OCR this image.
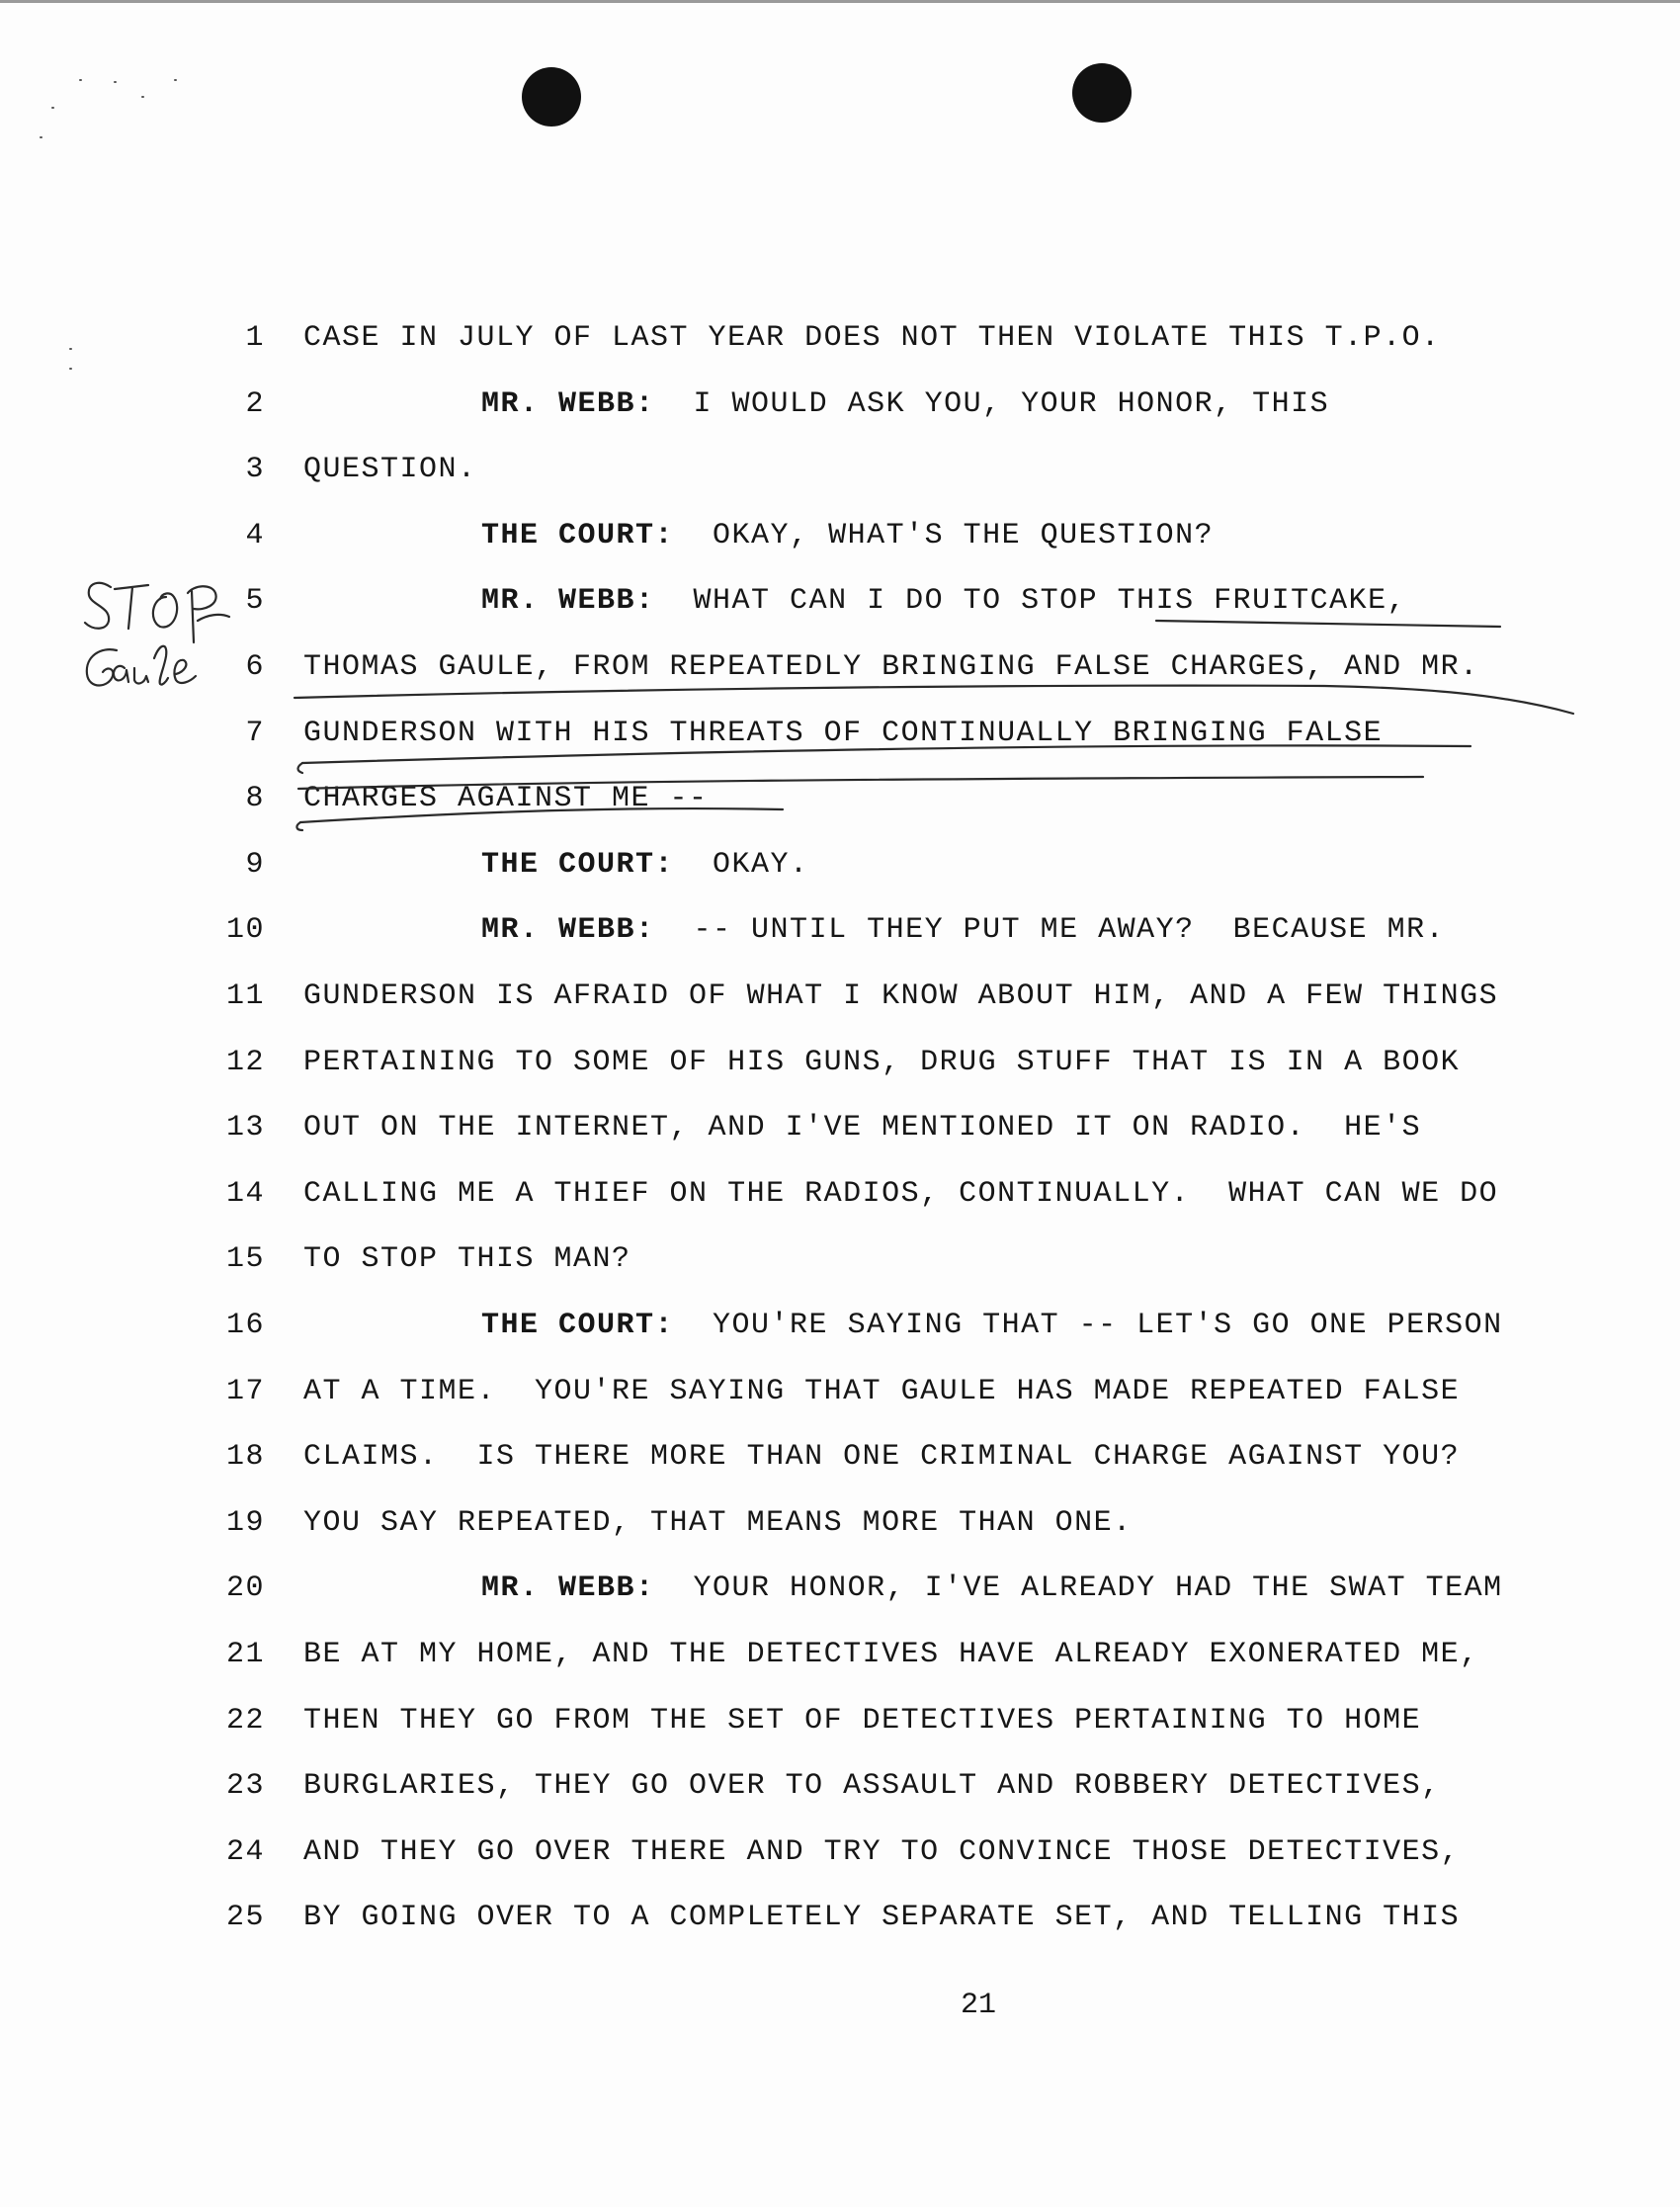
1 CASE IN JULY OF LAST YEAR DOES NOT THEN VIOLATE THIS T.P.O.
2	MR. WEBB: I WOULD ASK YOU, YOUR HONOR, THIS
3 QUESTION.
4	THE COURT: OKAY, WHAT'S THE QUESTION?
5	MR. WEBB: WHAT CAN I DO TO STOP THIS FRUITCAKE,
6 THOMAS GAULE, FROM REPEATEDLY BRINGING FALSE CHARGES, AND MR.
7 GUNDERSON WITH HIS THREATS OF CONTINUALLY BRINGING FALSE
8 CHARGES AGAINST ME --
9	THE COURT: OKAY.
10	MR. WEBB: -- UNTIL THEY PUT ME AWAY?  BECAUSE MR.
11 GUNDERSON IS AFRAID OF WHAT I KNOW ABOUT HIM, AND A FEW THINGS
12 PERTAINING TO SOME OF HIS GUNS, DRUG STUFF THAT IS IN A BOOK
13 OUT ON THE INTERNET, AND I'VE MENTIONED IT ON RADIO.  HE'S
14 CALLING ME A THIEF ON THE RADIOS, CONTINUALLY.  WHAT CAN WE DO
15 TO STOP THIS MAN?
16	THE COURT: YOU'RE SAYING THAT -- LET'S GO ONE PERSON
17 AT A TIME.  YOU'RE SAYING THAT GAULE HAS MADE REPEATED FALSE
18 CLAIMS.  IS THERE MORE THAN ONE CRIMINAL CHARGE AGAINST YOU?
19 YOU SAY REPEATED, THAT MEANS MORE THAN ONE.
20	MR. WEBB: YOUR HONOR, I'VE ALREADY HAD THE SWAT TEAM
21 BE AT MY HOME, AND THE DETECTIVES HAVE ALREADY EXONERATED ME,
22 THEN THEY GO FROM THE SET OF DETECTIVES PERTAINING TO HOME
23 BURGLARIES, THEY GO OVER TO ASSAULT AND ROBBERY DETECTIVES,
24 AND THEY GO OVER THERE AND TRY TO CONVINCE THOSE DETECTIVES,
25 BY GOING OVER TO A COMPLETELY SEPARATE SET, AND TELLING THIS
21
